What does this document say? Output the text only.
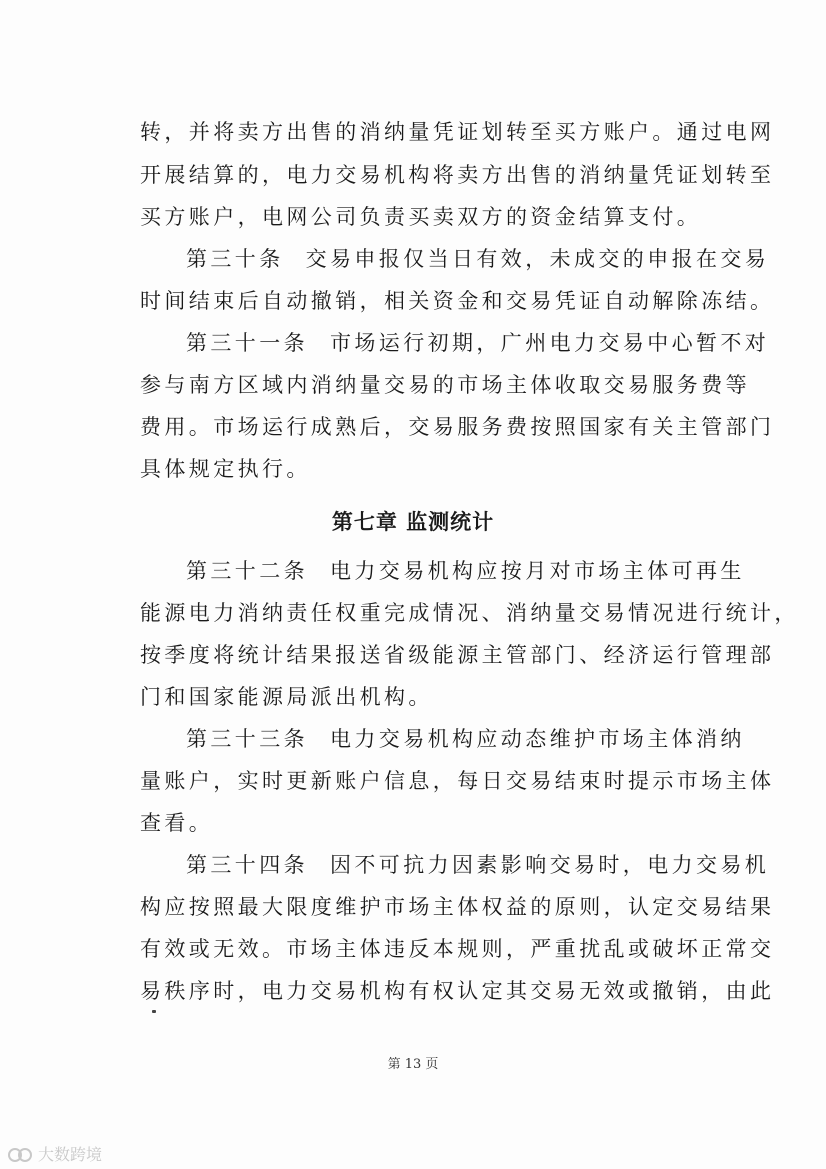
转，并将卖方出售的消纳量凭证划转至买方账户。通过电网
开展结算的，电力交易机构将卖方出售的消纳量凭证划转至
买方账户，电网公司负责买卖双方的资金结算支付。
第三十条 交易申报仅当日有效，未成交的申报在交易
时间结束后自动撤销，相关资金和交易凭证自动解除冻结。
第三十一条 市场运行初期，广州电力交易中心暂不对
参与南方区域内消纳量交易的市场主体收取交易服务费等
费用。市场运行成熟后，交易服务费按照国家有关主管部门
具体规定执行。
第七章 监测统计
第三十二条 电力交易机构应按月对市场主体可再生
能源电力消纳责任权重完成情况、消纳量交易情况进行统计，
按季度将统计结果报送省级能源主管部门、经济运行管理部
门和国家能源局派出机构。
第三十三条 电力交易机构应动态维护市场主体消纳
量账户，实时更新账户信息，每日交易结束时提示市场主体
查看。
第三十四条 因不可抗力因素影响交易时，电力交易机
构应按照最大限度维护市场主体权益的原则，认定交易结果
有效或无效。市场主体违反本规则，严重扰乱或破坏正常交
易秩序时，电力交易机构有权认定其交易无效或撤销，由此
第 13 页
大数跨境
